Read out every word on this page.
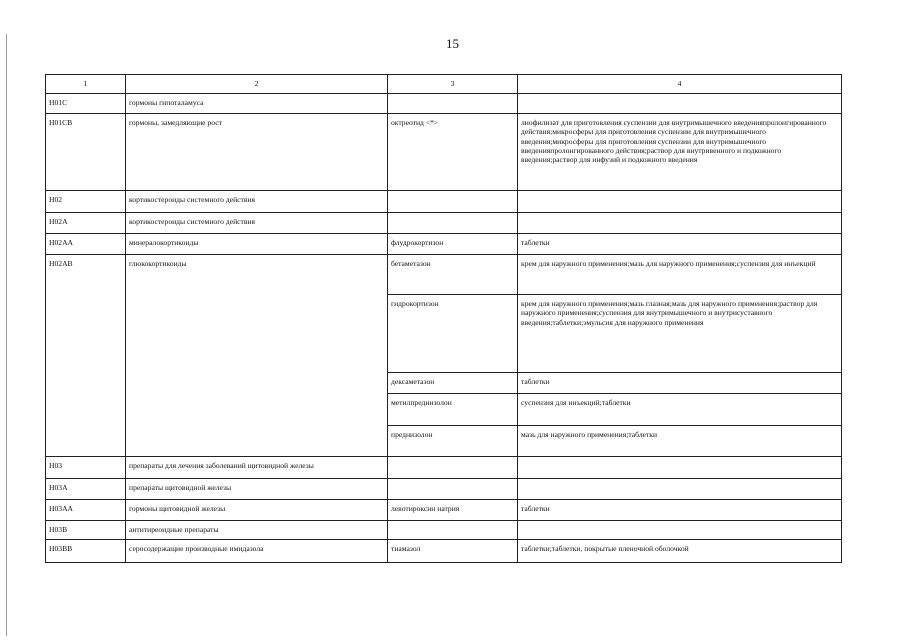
15
1	2	3	4
H01C	гормоны гипоталамуса		
H01CB	гормоны, замедляющие рост	октреотид <*>	лиофилизат для приготовления суспензии для внутримышечного введенияпролонгированного действия;микросферы для приготовления суспензии для внутримышечного введения;микросферы для приготовления суспензии для внутримышечного введенияпролонгированного действия;раствор для внутривенного и подкожного введения;раствор для инфузий и подкожного введения
H02	кортикостероиды системного действия		
H02A	кортикостероиды системного действия		
H02AA	минералокортикоиды	флудрокортизон	таблетки
H02AB	глюкокортикоиды	бетаметазон	крем для наружного применения;мазь для наружного применения;суспензия для инъекций
		гидрокортизон	крем для наружного применения;мазь глазная;мазь для наружного применения;раствор для наружного применения;суспензия для внутримышечного и внутрисуставного введения;таблетки;эмульсия для наружного применения
		дексаметазон	таблетки
		метилпреднизолон	суспензия для инъекций;таблетки
		преднизолон	мазь для наружного применения;таблетки
H03	препараты для лечения заболеваний щитовидной железы		
H03A	препараты щитовидной железы		
H03AA	гормоны щитовидной железы	левотироксин натрия	таблетки
H03B	антитиреоидные препараты		
H03BB	серосодержащие производные имидазола	тиамазол	таблетки;таблетки, покрытые пленочной оболочкой
